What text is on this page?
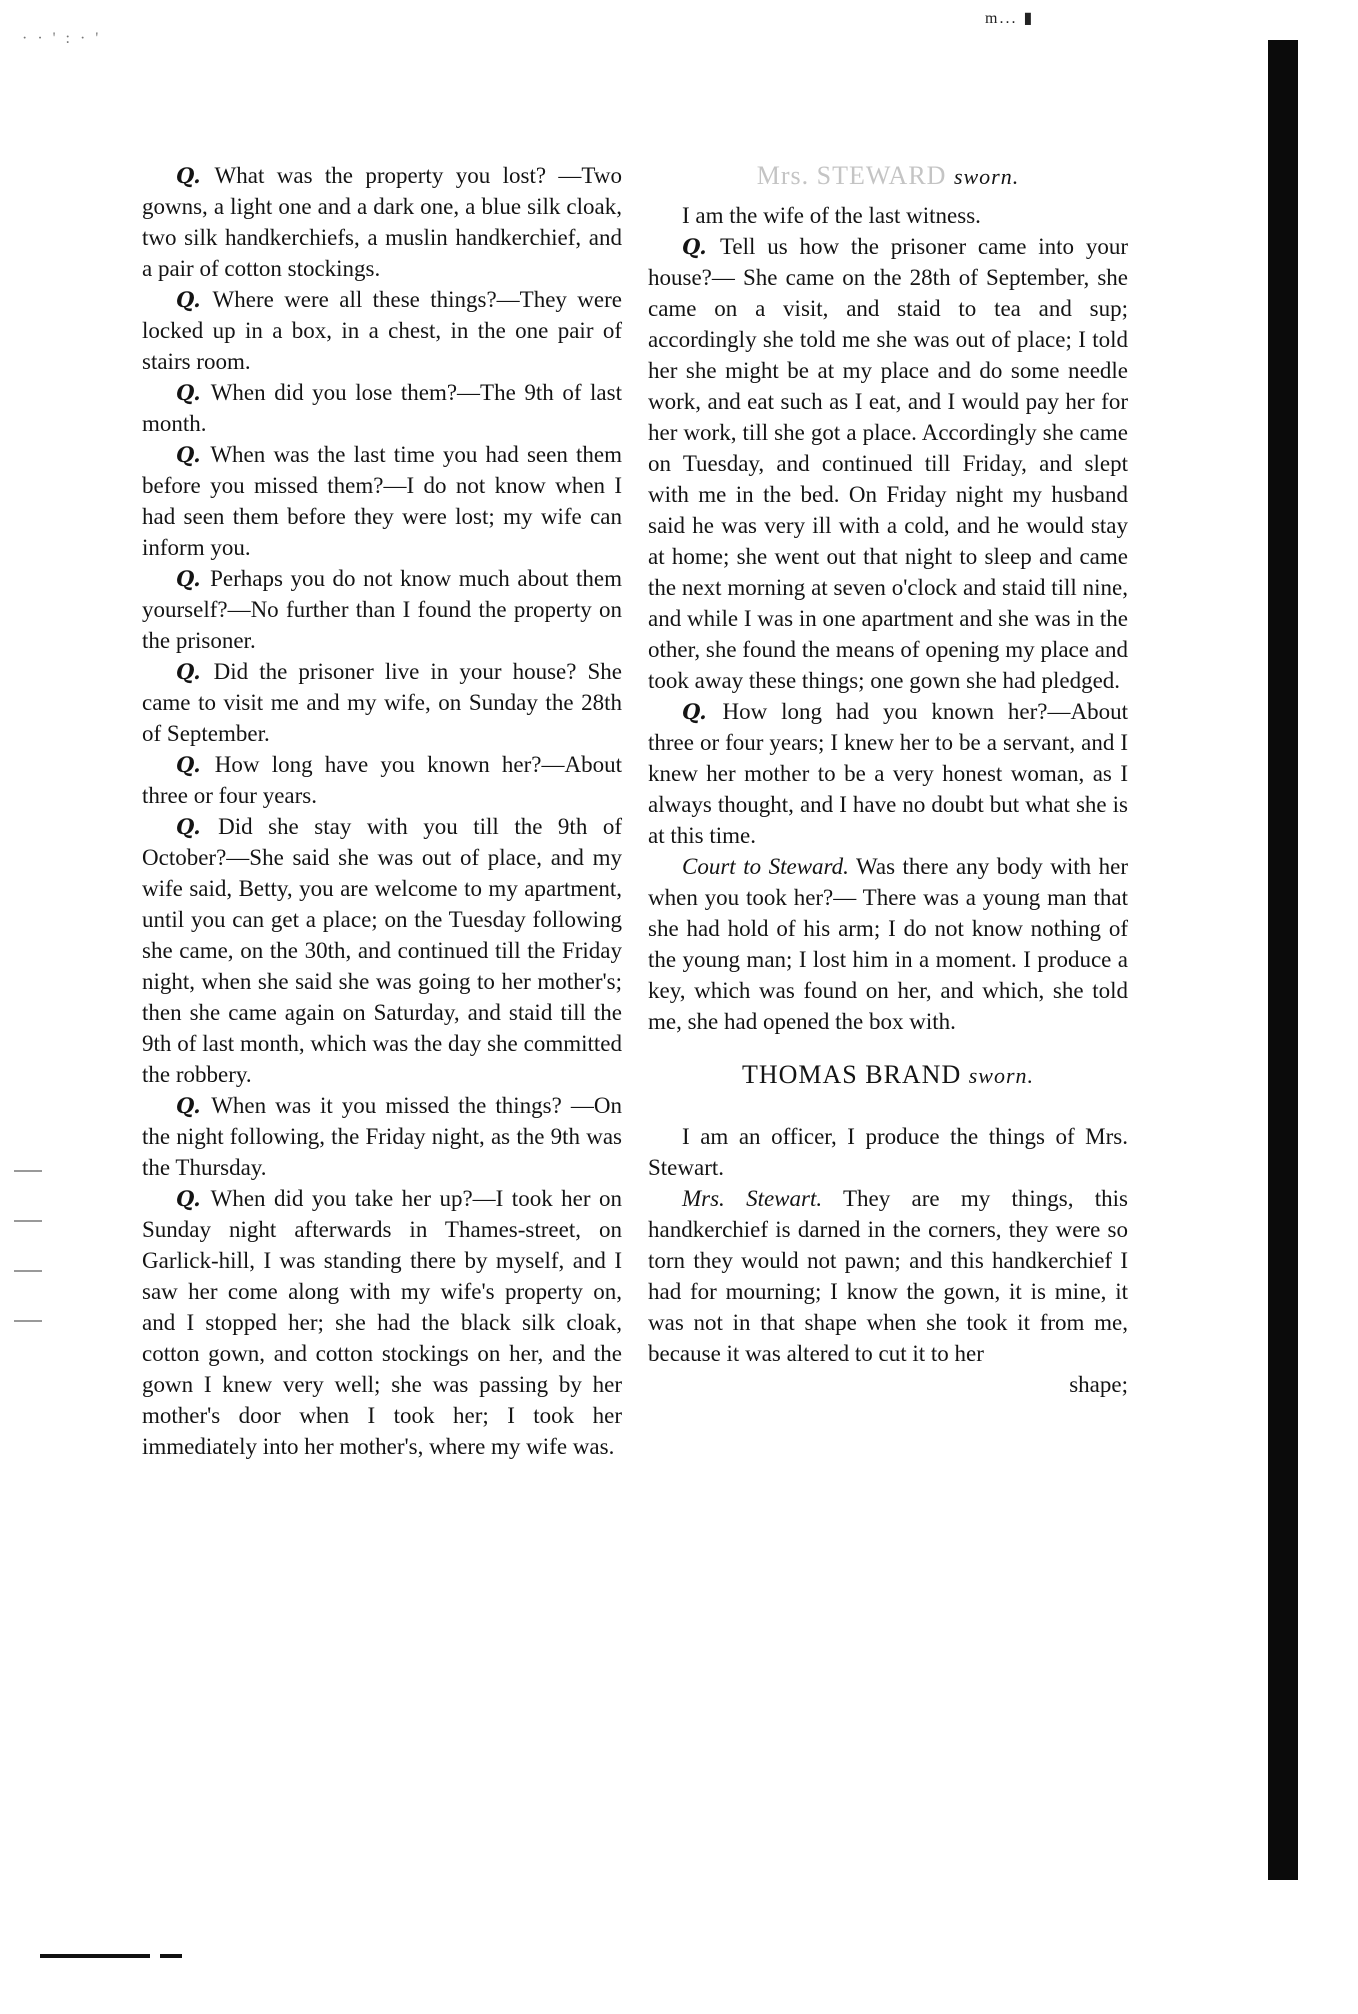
· · ' : · '
m... ▮

Q. What was the property you lost? —Two gowns, a light one and a dark one, a blue silk cloak, two silk handkerchiefs, a muslin handkerchief, and a pair of cotton stockings.

Q. Where were all these things?—They were locked up in a box, in a chest, in the one pair of stairs room.

Q. When did you lose them?—The 9th of last month.

Q. When was the last time you had seen them before you missed them?—I do not know when I had seen them before they were lost; my wife can inform you.

Q. Perhaps you do not know much about them yourself?—No further than I found the property on the prisoner.

Q. Did the prisoner live in your house? She came to visit me and my wife, on Sunday the 28th of September.

Q. How long have you known her?—About three or four years.

Q. Did she stay with you till the 9th of October?—She said she was out of place, and my wife said, Betty, you are welcome to my apartment, until you can get a place; on the Tuesday following she came, on the 30th, and continued till the Friday night, when she said she was going to her mother's; then she came again on Saturday, and staid till the 9th of last month, which was the day she committed the robbery.

Q. When was it you missed the things? —On the night following, the Friday night, as the 9th was the Thursday.

Q. When did you take her up?—I took her on Sunday night afterwards in Thames-street, on Garlick-hill, I was standing there by myself, and I saw her come along with my wife's property on, and I stopped her; she had the black silk cloak, cotton gown, and cotton stockings on her, and the gown I knew very well; she was passing by her mother's door when I took her; I took her immediately into her mother's, where my wife was.

Mrs. STEWARD sworn.

I am the wife of the last witness.

Q. Tell us how the prisoner came into your house?— She came on the 28th of September, she came on a visit, and staid to tea and sup; accordingly she told me she was out of place; I told her she might be at my place and do some needle work, and eat such as I eat, and I would pay her for her work, till she got a place. Accordingly she came on Tuesday, and continued till Friday, and slept with me in the bed. On Friday night my husband said he was very ill with a cold, and he would stay at home; she went out that night to sleep and came the next morning at seven o'clock and staid till nine, and while I was in one apartment and she was in the other, she found the means of opening my place and took away these things; one gown she had pledged.

Q. How long had you known her?—About three or four years; I knew her to be a servant, and I knew her mother to be a very honest woman, as I always thought, and I have no doubt but what she is at this time.

Court to Steward. Was there any body with her when you took her?— There was a young man that she had hold of his arm; I do not know nothing of the young man; I lost him in a moment. I produce a key, which was found on her, and which, she told me, she had opened the box with.

THOMAS BRAND sworn.

I am an officer, I produce the things of Mrs. Stewart.

Mrs. Stewart. They are my things, this handkerchief is darned in the corners, they were so torn they would not pawn; and this handkerchief I had for mourning; I know the gown, it is mine, it was not in that shape when she took it from me, because it was altered to cut it to her

shape;
